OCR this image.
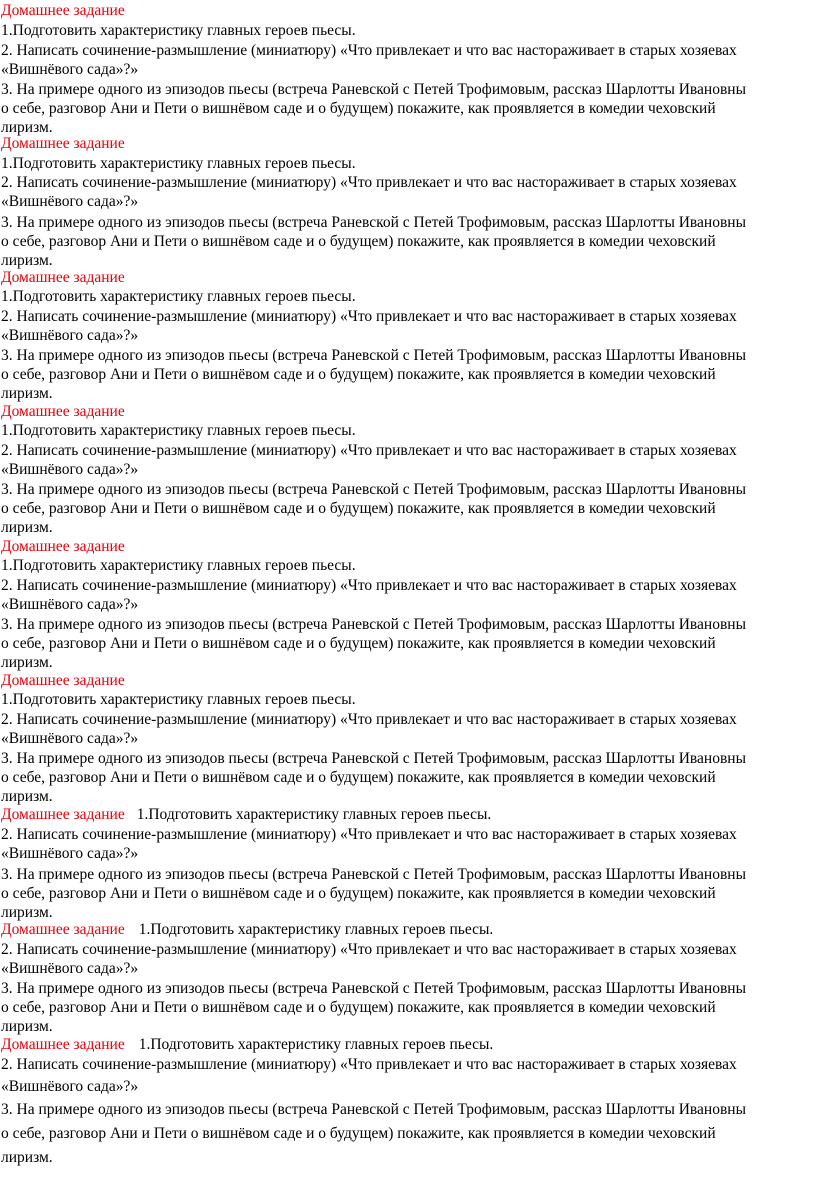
Домашнее задание
1.Подготовить характеристику главных героев пьесы.
2. Написать сочинение-размышление (миниатюру) «Что привлекает и что вас настораживает в старых хозяевах
«Вишнёвого сада»?»
3. На примере одного из эпизодов пьесы (встреча Раневской с Петей Трофимовым, рассказ Шарлотты Ивановны
о себе, разговор Ани и Пети о вишнёвом саде и о будущем) покажите, как проявляется в комедии чеховский
лиризм.
Домашнее задание
1.Подготовить характеристику главных героев пьесы.
2. Написать сочинение-размышление (миниатюру) «Что привлекает и что вас настораживает в старых хозяевах
«Вишнёвого сада»?»
3. На примере одного из эпизодов пьесы (встреча Раневской с Петей Трофимовым, рассказ Шарлотты Ивановны
о себе, разговор Ани и Пети о вишнёвом саде и о будущем) покажите, как проявляется в комедии чеховский
лиризм.
Домашнее задание
1.Подготовить характеристику главных героев пьесы.
2. Написать сочинение-размышление (миниатюру) «Что привлекает и что вас настораживает в старых хозяевах
«Вишнёвого сада»?»
3. На примере одного из эпизодов пьесы (встреча Раневской с Петей Трофимовым, рассказ Шарлотты Ивановны
о себе, разговор Ани и Пети о вишнёвом саде и о будущем) покажите, как проявляется в комедии чеховский
лиризм.
Домашнее задание
1.Подготовить характеристику главных героев пьесы.
2. Написать сочинение-размышление (миниатюру) «Что привлекает и что вас настораживает в старых хозяевах
«Вишнёвого сада»?»
3. На примере одного из эпизодов пьесы (встреча Раневской с Петей Трофимовым, рассказ Шарлотты Ивановны
о себе, разговор Ани и Пети о вишнёвом саде и о будущем) покажите, как проявляется в комедии чеховский
лиризм.
Домашнее задание
1.Подготовить характеристику главных героев пьесы.
2. Написать сочинение-размышление (миниатюру) «Что привлекает и что вас настораживает в старых хозяевах
«Вишнёвого сада»?»
3. На примере одного из эпизодов пьесы (встреча Раневской с Петей Трофимовым, рассказ Шарлотты Ивановны
о себе, разговор Ани и Пети о вишнёвом саде и о будущем) покажите, как проявляется в комедии чеховский
лиризм.
Домашнее задание
1.Подготовить характеристику главных героев пьесы.
2. Написать сочинение-размышление (миниатюру) «Что привлекает и что вас настораживает в старых хозяевах
«Вишнёвого сада»?»
3. На примере одного из эпизодов пьесы (встреча Раневской с Петей Трофимовым, рассказ Шарлотты Ивановны
о себе, разговор Ани и Пети о вишнёвом саде и о будущем) покажите, как проявляется в комедии чеховский
лиризм.
Домашнее задание 1.Подготовить характеристику главных героев пьесы.
2. Написать сочинение-размышление (миниатюру) «Что привлекает и что вас настораживает в старых хозяевах
«Вишнёвого сада»?»
3. На примере одного из эпизодов пьесы (встреча Раневской с Петей Трофимовым, рассказ Шарлотты Ивановны
о себе, разговор Ани и Пети о вишнёвом саде и о будущем) покажите, как проявляется в комедии чеховский
лиризм.
Домашнее задание 1.Подготовить характеристику главных героев пьесы.
2. Написать сочинение-размышление (миниатюру) «Что привлекает и что вас настораживает в старых хозяевах
«Вишнёвого сада»?»
3. На примере одного из эпизодов пьесы (встреча Раневской с Петей Трофимовым, рассказ Шарлотты Ивановны
о себе, разговор Ани и Пети о вишнёвом саде и о будущем) покажите, как проявляется в комедии чеховский
лиризм.
Домашнее задание 1.Подготовить характеристику главных героев пьесы.
2. Написать сочинение-размышление (миниатюру) «Что привлекает и что вас настораживает в старых хозяевах
«Вишнёвого сада»?»
3. На примере одного из эпизодов пьесы (встреча Раневской с Петей Трофимовым, рассказ Шарлотты Ивановны
о себе, разговор Ани и Пети о вишнёвом саде и о будущем) покажите, как проявляется в комедии чеховский
лиризм.
